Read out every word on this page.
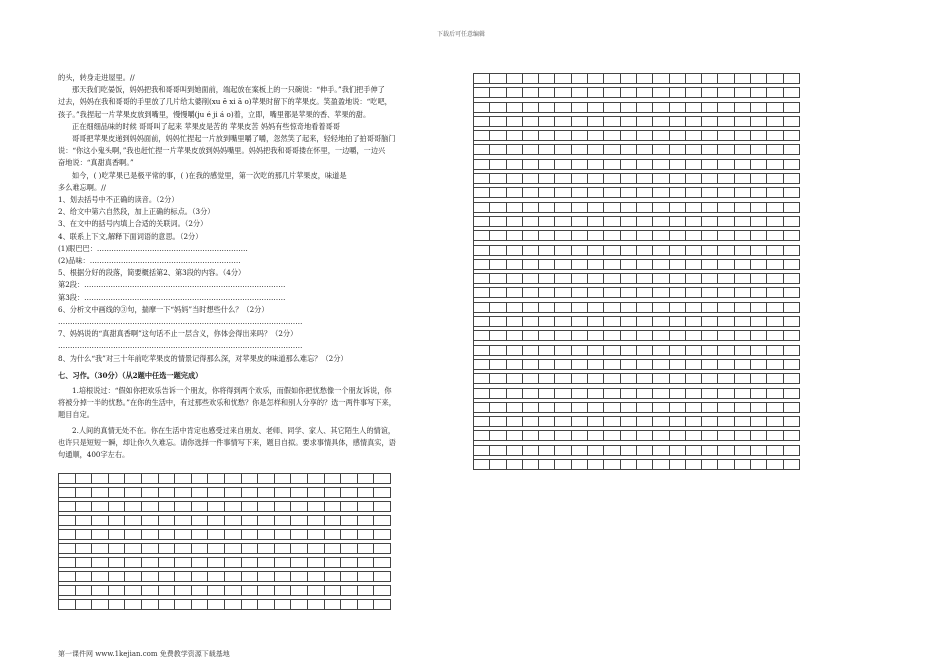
下载后可任意编辑

的头，转身走进屋里。//

那天我们吃晏饭，妈妈把我和哥哥叫到她面前，端起放在案板上的一只碗说：“伸手。”我们把手伸了

过去，妈妈在我和哥哥的手里放了几片给太婆削(xu ē xi ā o)苹果时留下的苹果皮。笑盈盈地说：“吃吧，

孩子。”我捏起一片苹果皮放到嘴里，慢慢嚼(ju é ji á o)着，立即，嘴里都是苹果的香、苹果的甜。

正在细细品味的时候 哥哥叫了起来 苹果皮是苦的 苹果皮苦 妈妈有些惊奇地看着哥哥

哥哥把苹果皮递到妈妈面前，妈妈忙捏起一片放到嘴里嚼了嚼，忽然笑了起来，轻轻地拍了拍哥哥脑门

说：“你这小鬼头啊，”我也赶忙捏一片苹果皮放到妈妈嘴里。妈妈把我和哥哥搂在怀里，一边嚼，一边兴

奋地说：“真甜真香啊。”

如今，( )吃苹果已是极平常的事，( )在我的感觉里，第一次吃的那几片苹果皮，味道是

多么难忘啊。//

1、划去括号中不正确的读音。（2分）

2、给文中第六自然段，加上正确的标点。（3分）

3、在文中的括号内填上合适的关联词。（2分）

4、联系上下文,解释下面词语的意思。（2分）

(1)眼巴巴：………………………………………………………

(2)品味：………………………………………………………

5、根据分好的段落，简要概括第2、第3段的内容。（4分）

第2段：…………………………………………………………………………

第3段：…………………………………………………………………………

6、分析文中画线的③句，揣摩一下“妈妈”当时想些什么？（2分）

…………………………………………………………………………………………

7、妈妈说的“真甜真香啊”这句话不止一层含义，你体会得出来吗？（2分）

…………………………………………………………………………………………

8、为什么“我”对三十年前吃苹果皮的情景记得那么深，对苹果皮的味道那么难忘？（2分）

七、习作。（30分）（从2题中任选一题完成）

1.培根说过：“假如你把欢乐告诉一个朋友，你将得到两个欢乐，而假如你把忧愁像一个朋友诉说，你

将被分掉一半的忧愁。”在你的生活中，有过那些欢乐和忧愁？你是怎样和别人分享的？选一两件事写下来，

题目自定。

2.人间的真情无处不在。你在生活中肯定也感受过来自朋友、老师、同学、家人、其它陌生人的情谊，

也许只是短短一瞬，却让你久久难忘。请你选择一件事情写下来，题目自拟。要求事情具体，感情真实，语

句通顺，400字左右。

第一课件网 www.1kejian.com 免费教学资源下载基地
